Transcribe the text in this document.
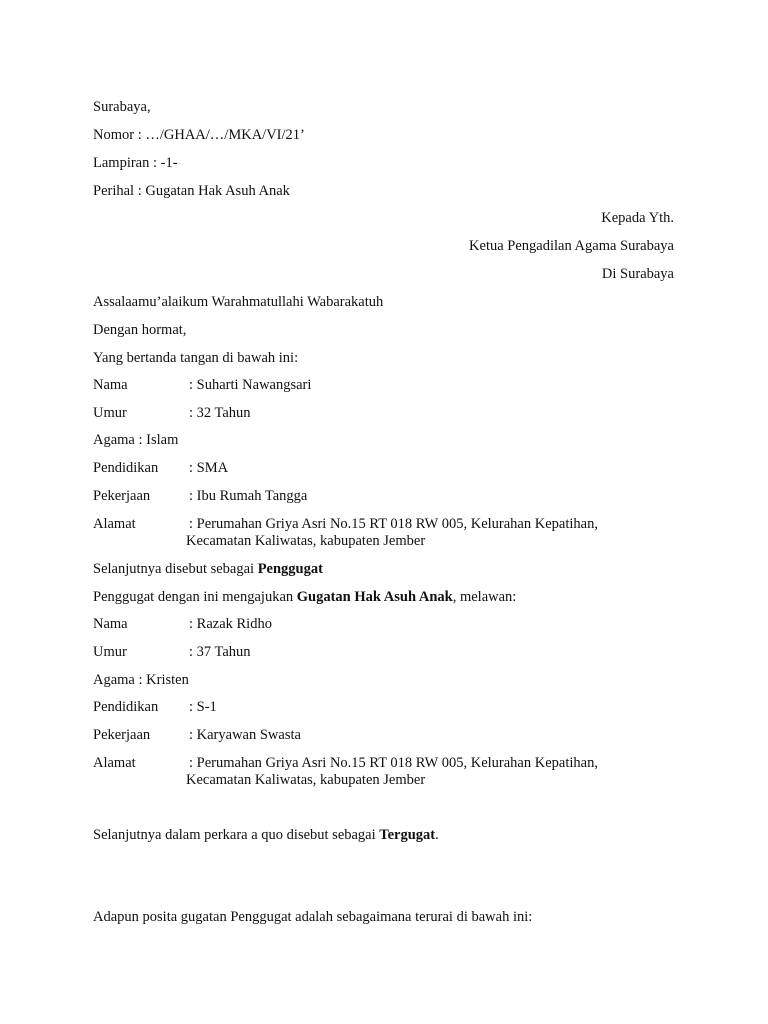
Surabaya,
Nomor : …/GHAA/…/MKA/VI/21’
Lampiran : -1-
Perihal : Gugatan Hak Asuh Anak
Kepada Yth.
Ketua Pengadilan Agama Surabaya
Di Surabaya
Assalaamu’alaikum Warahmatullahi Wabarakatuh
Dengan hormat,
Yang bertanda tangan di bawah ini:
Nama	: Suharti Nawangsari
Umur	: 32 Tahun
Agama : Islam
Pendidikan : SMA
Pekerjaan	: Ibu Rumah Tangga
Alamat	: Perumahan Griya Asri No.15 RT 018 RW 005, Kelurahan Kepatihan,
Kecamatan Kaliwatas, kabupaten Jember
Selanjutnya disebut sebagai Penggugat
Penggugat dengan ini mengajukan Gugatan Hak Asuh Anak, melawan:
Nama	: Razak Ridho
Umur	: 37 Tahun
Agama : Kristen
Pendidikan : S-1
Pekerjaan	: Karyawan Swasta
Alamat	: Perumahan Griya Asri No.15 RT 018 RW 005, Kelurahan Kepatihan,
Kecamatan Kaliwatas, kabupaten Jember
Selanjutnya dalam perkara a quo disebut sebagai Tergugat.
Adapun posita gugatan Penggugat adalah sebagaimana terurai di bawah ini:
